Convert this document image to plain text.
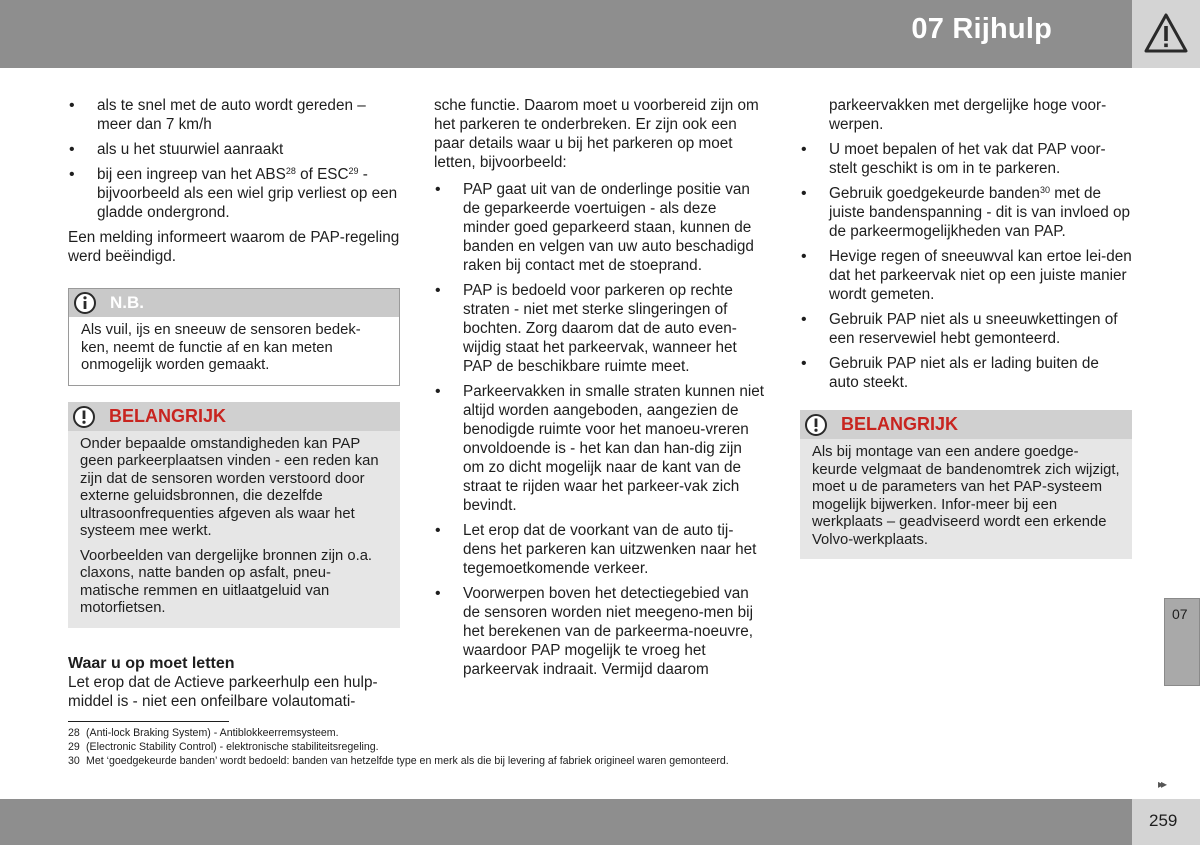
07 Rijhulp
• als te snel met de auto wordt gereden – meer dan 7 km/h
• als u het stuurwiel aanraakt
• bij een ingreep van het ABS$^{28}$ of ESC$^{29}$ - bijvoorbeeld als een wiel grip verliest op een gladde ondergrond.

Een melding informeert waarom de PAP-regeling werd beëindigd.

N.B.
Als vuil, ijs en sneeuw de sensoren bedek-ken, neemt de functie af en kan meten onmogelijk worden gemaakt.
BELANGRIJK

Onder bepaalde omstandigheden kan PAP geen parkeerplaatsen vinden - een reden kan zijn dat de sensoren worden verstoord door externe geluidsbronnen, die dezelfde ultrasoonfrequenties afgeven als waar het systeem mee werkt.

Voorbeelden van dergelijke bronnen zijn o.a. claxons, natte banden op asfalt, pneu-matische remmen en uitlaatgeluid van motorfietsen.

Waar u op moet letten

Let erop dat de Actieve parkeerhulp een hulp-middel is - niet een onfeilbare volautomati-

sche functie. Daarom moet u voorbereid zijn om het parkeren te onderbreken. Er zijn ook een paar details waar u bij het parkeren op moet letten, bijvoorbeeld:

• PAP gaat uit van de onderlinge positie van de geparkeerde voertuigen - als deze minder goed geparkeerd staan, kunnen de banden en velgen van uw auto beschadigd raken bij contact met de stoeprand.
• PAP is bedoeld voor parkeren op rechte straten - niet met sterke slingeringen of bochten. Zorg daarom dat de auto even-wijdig staat het parkeervak, wanneer het PAP de beschikbare ruimte meet.
• Parkeervakken in smalle straten kunnen niet altijd worden aangeboden, aangezien de benodigde ruimte voor het manoeu-vreren onvoldoende is - het kan dan han-dig zijn om zo dicht mogelijk naar de kant van de straat te rijden waar het parkeer-vak zich bevindt.
• Let erop dat de voorkant van de auto tij-dens het parkeren kan uitzwenken naar het tegemoetkomende verkeer.
• Voorwerpen boven het detectiegebied van de sensoren worden niet meegeno-men bij het berekenen van de parkeerma-noeuvre, waardoor PAP mogelijk te vroeg het parkeervak indraait. Vermijd daarom

parkeervakken met dergelijke hoge voor-werpen.

• U moet bepalen of het vak dat PAP voor-stelt geschikt is om in te parkeren.
• Gebruik goedgekeurde banden$^{30}$ met de juiste bandenspanning - dit is van invloed op de parkeermogelijkheden van PAP.
• Hevige regen of sneeuwval kan ertoe lei-den dat het parkeervak niet op een juiste manier wordt gemeten.
• Gebruik PAP niet als u sneeuwkettingen of een reservewiel hebt gemonteerd.
• Gebruik PAP niet als er lading buiten de auto steekt.
BELANGRIJK
Als bij montage van een andere goedge-keurde velgmaat de bandenomtrek zich wijzigt, moet u de parameters van het PAP-systeem mogelijk bijwerken. Infor-meer bij een werkplaats – geadviseerd wordt een erkende Volvo-werkplaats.
28 (Anti-lock Braking System) - Antiblokkeerremsysteem.
29 (Electronic Stability Control) - elektronische stabiliteitsregeling.
30 Met ‘goedgekeurde banden’ wordt bedoeld: banden van hetzelfde type en merk als die bij levering af fabriek origineel waren gemonteerd.
07
▸▸
259
